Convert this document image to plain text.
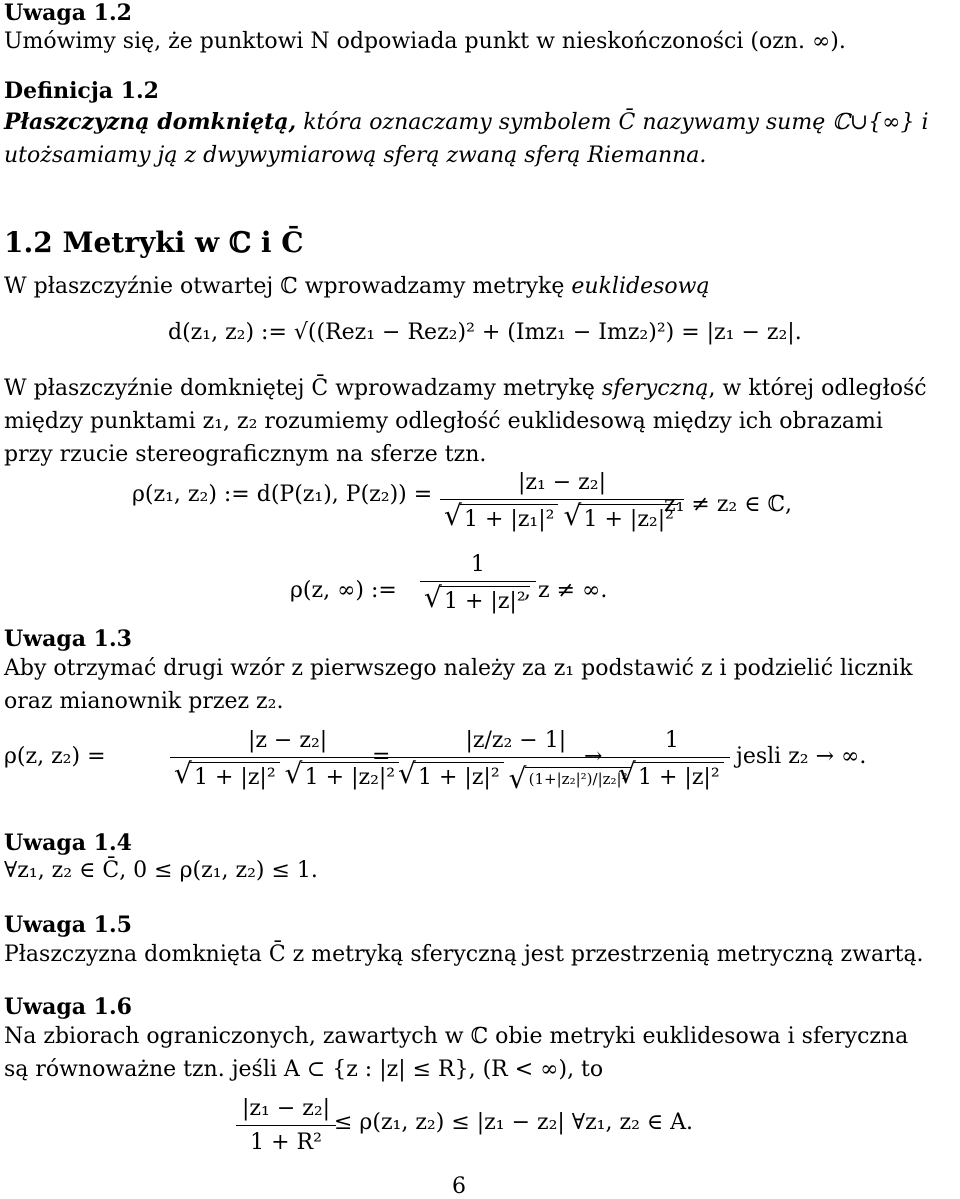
Uwaga 1.2
Umówimy się, że punktowi N odpowiada punkt w nieskończoności (ozn. ∞).
Definicja 1.2
Płaszczyzną domkniętą, która oznaczamy symbolem C̄ nazywamy sumę ℂ∪{∞} i utożsamiamy ją z dwywymiarową sferą zwaną sferą Riemanna.
1.2 Metryki w ℂ i C̄
W płaszczyźnie otwartej ℂ wprowadzamy metrykę euklidesową
d(z₁, z₂) := √((Rez₁ − Rez₂)² + (Imz₁ − Imz₂)²) = |z₁ − z₂|.
W płaszczyźnie domkniętej C̄ wprowadzamy metrykę sferyczną, w której odległość między punktami z₁, z₂ rozumiemy odległość euklidesową między ich obrazami przy rzucie stereograficznym na sferze tzn.
ρ(z₁, z₂) := d(P(z₁), P(z₂)) = |z₁ − z₂|
√ 1 + |z₁|² √ 1 + |z₂|²
z₁ ≠ z₂ ∈ ℂ,
ρ(z, ∞) := 1
√ 1 + |z|²
, z ≠ ∞.
Uwaga 1.3
Aby otrzymać drugi wzór z pierwszego należy za z₁ podstawić z i podzielić licznik oraz mianownik przez z₂.
ρ(z, z₂) =	|z − z₂|
√ 1 + |z|² √ 1 + |z₂|²
= |z/z₂ − 1|
√ 1 + |z|² √ (1+|z₂|²)/|z₂|²
→ 1
√ 1 + |z|² jesli z₂ → ∞.
Uwaga 1.4
∀z₁, z₂ ∈ C̄, 0 ≤ ρ(z₁, z₂) ≤ 1.
Uwaga 1.5
Płaszczyzna domknięta C̄ z metryką sferyczną jest przestrzenią metryczną zwartą.
Uwaga 1.6
Na zbiorach ograniczonych, zawartych w ℂ obie metryki euklidesowa i sferyczna są równoważne tzn. jeśli A ⊂ {z : |z| ≤ R}, (R < ∞), to
$\frac{\text{|z₁ − z₂|}}{\text{1 + R²}}$
≤ ρ(z₁, z₂) ≤ |z₁ − z₂| ∀z₁, z₂ ∈ A.
6
